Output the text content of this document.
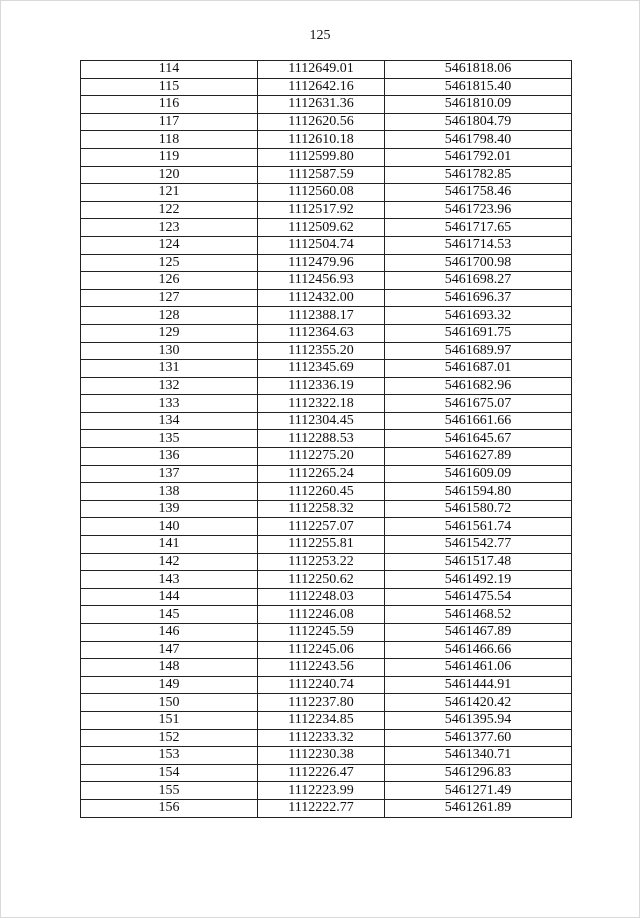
125
114	1112649.01	5461818.06
115	1112642.16	5461815.40
116	1112631.36	5461810.09
117	1112620.56	5461804.79
118	1112610.18	5461798.40
119	1112599.80	5461792.01
120	1112587.59	5461782.85
121	1112560.08	5461758.46
122	1112517.92	5461723.96
123	1112509.62	5461717.65
124	1112504.74	5461714.53
125	1112479.96	5461700.98
126	1112456.93	5461698.27
127	1112432.00	5461696.37
128	1112388.17	5461693.32
129	1112364.63	5461691.75
130	1112355.20	5461689.97
131	1112345.69	5461687.01
132	1112336.19	5461682.96
133	1112322.18	5461675.07
134	1112304.45	5461661.66
135	1112288.53	5461645.67
136	1112275.20	5461627.89
137	1112265.24	5461609.09
138	1112260.45	5461594.80
139	1112258.32	5461580.72
140	1112257.07	5461561.74
141	1112255.81	5461542.77
142	1112253.22	5461517.48
143	1112250.62	5461492.19
144	1112248.03	5461475.54
145	1112246.08	5461468.52
146	1112245.59	5461467.89
147	1112245.06	5461466.66
148	1112243.56	5461461.06
149	1112240.74	5461444.91
150	1112237.80	5461420.42
151	1112234.85	5461395.94
152	1112233.32	5461377.60
153	1112230.38	5461340.71
154	1112226.47	5461296.83
155	1112223.99	5461271.49
156	1112222.77	5461261.89
